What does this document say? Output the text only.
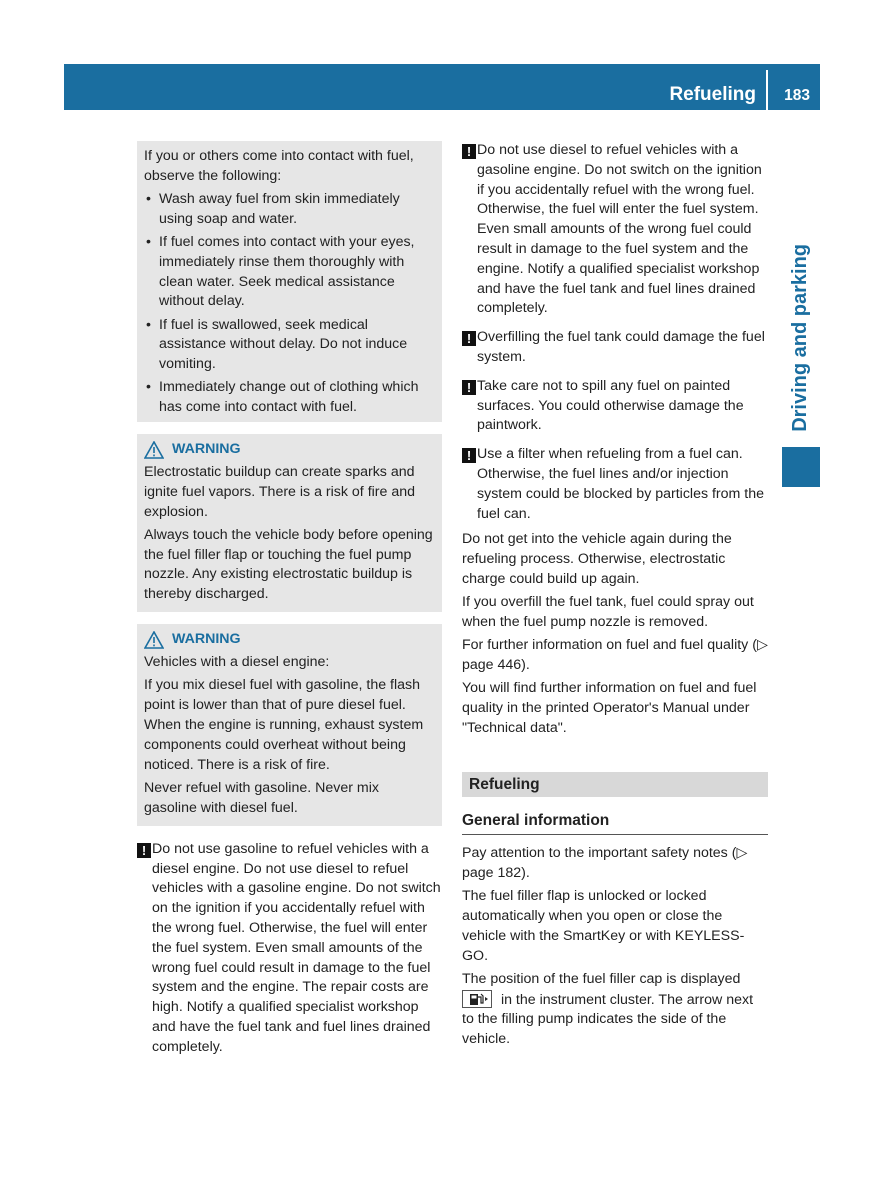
Refueling 183
Driving and parking

If you or others come into contact with fuel, observe the following:

• Wash away fuel from skin immediately using soap and water.
• If fuel comes into contact with your eyes, immediately rinse them thoroughly with clean water. Seek medical assistance without delay.
• If fuel is swallowed, seek medical assistance without delay. Do not induce vomiting.
• Immediately change out of clothing which has come into contact with fuel.
WARNING

Electrostatic buildup can create sparks and ignite fuel vapors. There is a risk of fire and explosion.

Always touch the vehicle body before opening the fuel filler flap or touching the fuel pump nozzle. Any existing electrostatic buildup is thereby discharged.

WARNING

Vehicles with a diesel engine:

If you mix diesel fuel with gasoline, the flash point is lower than that of pure diesel fuel. When the engine is running, exhaust system components could overheat without being noticed. There is a risk of fire.

Never refuel with gasoline. Never mix gasoline with diesel fuel.

! Do not use gasoline to refuel vehicles with a diesel engine. Do not use diesel to refuel vehicles with a gasoline engine. Do not switch on the ignition if you accidentally refuel with the wrong fuel. Otherwise, the fuel will enter the fuel system. Even small amounts of the wrong fuel could result in damage to the fuel system and the engine. The repair costs are high. Notify a qualified specialist workshop and have the fuel tank and fuel lines drained completely.
! Do not use diesel to refuel vehicles with a gasoline engine. Do not switch on the ignition if you accidentally refuel with the wrong fuel. Otherwise, the fuel will enter the fuel system. Even small amounts of the wrong fuel could result in damage to the fuel system and the engine. Notify a qualified specialist workshop and have the fuel tank and fuel lines drained completely.
! Overfilling the fuel tank could damage the fuel system.
! Take care not to spill any fuel on painted surfaces. You could otherwise damage the paintwork.
! Use a filter when refueling from a fuel can. Otherwise, the fuel lines and/or injection system could be blocked by particles from the fuel can.

Do not get into the vehicle again during the refueling process. Otherwise, electrostatic charge could build up again.

If you overfill the fuel tank, fuel could spray out when the fuel pump nozzle is removed.

For further information on fuel and fuel quality (▷ page 446).

You will find further information on fuel and fuel quality in the printed Operator's Manual under "Technical data".

Refueling
General information

Pay attention to the important safety notes (▷ page 182).

The fuel filler flap is unlocked or locked automatically when you open or close the vehicle with the SmartKey or with KEYLESS-GO.

The position of the fuel filler cap is displayed
in the instrument cluster. The arrow next to the filling pump indicates the side of the vehicle.
